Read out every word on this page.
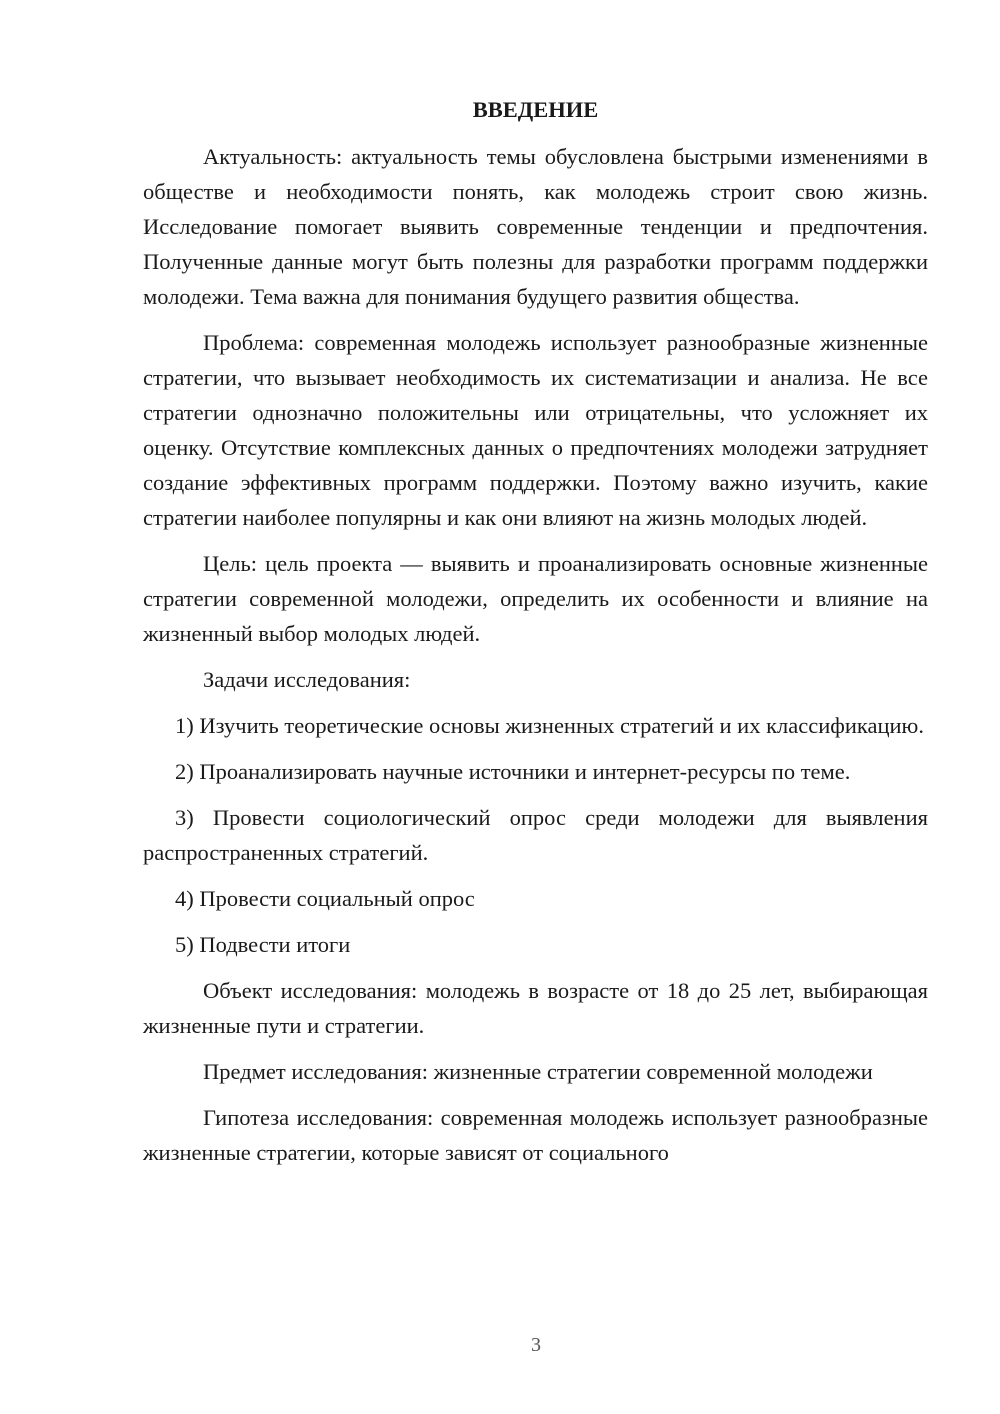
ВВЕДЕНИЕ

Актуальность: актуальность темы обусловлена быстрыми изменениями в обществе и необходимости понять, как молодежь строит свою жизнь. Исследование помогает выявить современные тенденции и предпочтения. Полученные данные могут быть полезны для разработки программ поддержки молодежи. Тема важна для понимания будущего развития общества.

Проблема: современная молодежь использует разнообразные жизненные стратегии, что вызывает необходимость их систематизации и анализа. Не все стратегии однозначно положительны или отрицательны, что усложняет их оценку. Отсутствие комплексных данных о предпочтениях молодежи затрудняет создание эффективных программ поддержки. Поэтому важно изучить, какие стратегии наиболее популярны и как они влияют на жизнь молодых людей.

Цель: цель проекта — выявить и проанализировать основные жизненные стратегии современной молодежи, определить их особенности и влияние на жизненный выбор молодых людей.

Задачи исследования:

1) Изучить теоретические основы жизненных стратегий и их классификацию.

2) Проанализировать научные источники и интернет-ресурсы по теме.

3) Провести социологический опрос среди молодежи для выявления распространенных стратегий.

4) Провести социальный опрос

5) Подвести итоги

Объект исследования: молодежь в возрасте от 18 до 25 лет, выбирающая жизненные пути и стратегии.

Предмет исследования: жизненные стратегии современной молодежи

Гипотеза исследования: современная молодежь использует разнообразные жизненные стратегии, которые зависят от социального

3
